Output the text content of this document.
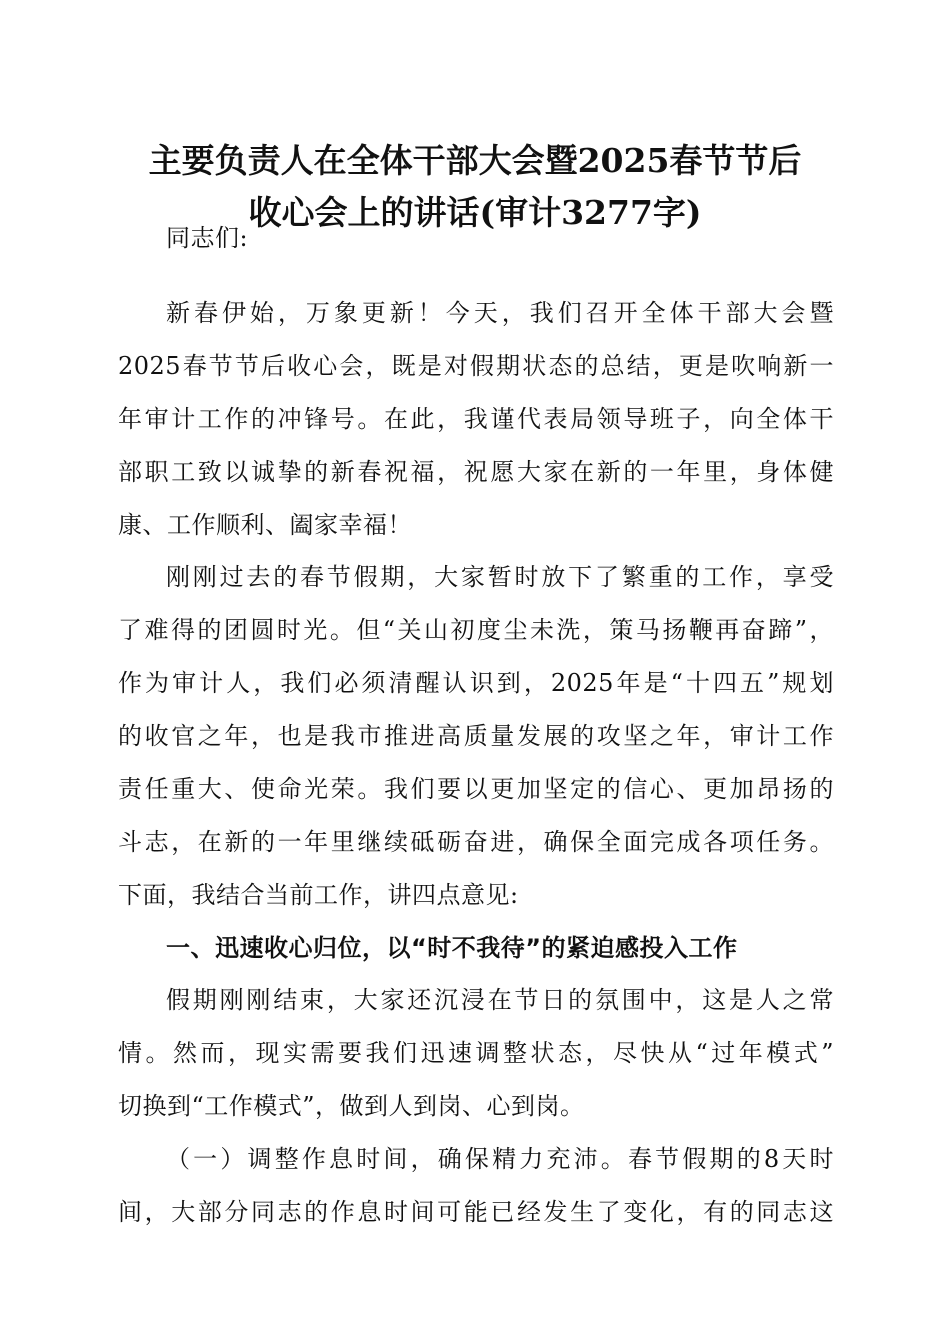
主要负责人在全体干部大会暨2025春节节后
收心会上的讲话(审计3277字)
同志们:
新春伊始，万象更新！今天，我们召开全体干部大会暨
2025春节节后收心会，既是对假期状态的总结，更是吹响新一
年审计工作的冲锋号。在此，我谨代表局领导班子，向全体干
部职工致以诚挚的新春祝福，祝愿大家在新的一年里，身体健
康、工作顺利、阖家幸福！
刚刚过去的春节假期，大家暂时放下了繁重的工作，享受
了难得的团圆时光。但“关山初度尘未洗，策马扬鞭再奋蹄”，
作为审计人，我们必须清醒认识到，2025年是“十四五”规划
的收官之年，也是我市推进高质量发展的攻坚之年，审计工作
责任重大、使命光荣。我们要以更加坚定的信心、更加昂扬的
斗志，在新的一年里继续砥砺奋进，确保全面完成各项任务。
下面，我结合当前工作，讲四点意见:
一、迅速收心归位，以“时不我待”的紧迫感投入工作
假期刚刚结束，大家还沉浸在节日的氛围中，这是人之常
情。然而，现实需要我们迅速调整状态，尽快从“过年模式”
切换到“工作模式”，做到人到岗、心到岗。
（一）调整作息时间，确保精力充沛。春节假期的8天时
间，大部分同志的作息时间可能已经发生了变化，有的同志这
